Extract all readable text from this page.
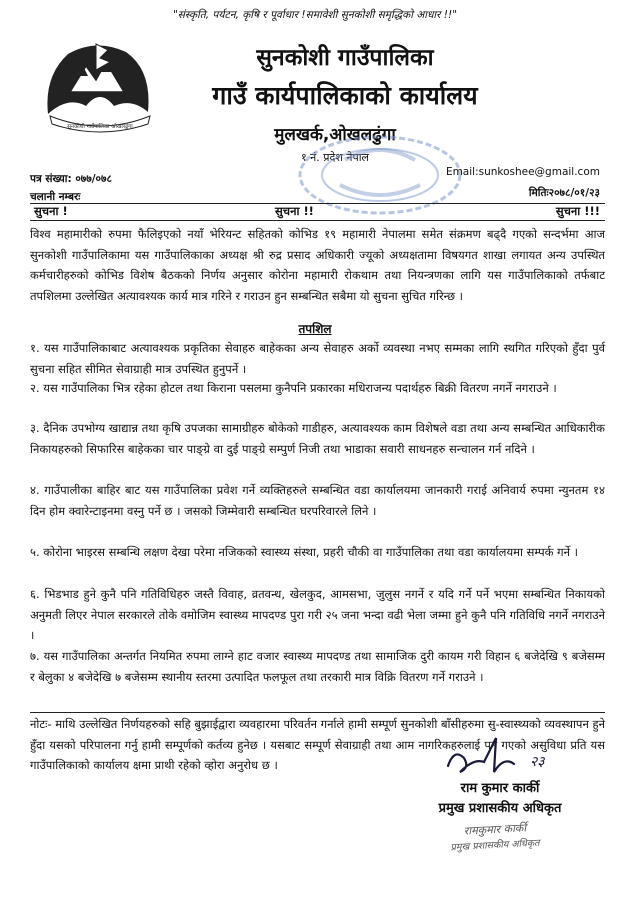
"संस्कृति, पर्यटन, कृषि र पूर्वाधार !समावेशी सुनकोशी समृद्धिको आधार !!"
सुनकोशी गाउँपालिका ओखलढुंगा
सुनकोशी गाउँपालिका
गाउँ कार्यपालिकाको कार्यालय
मुलखर्क,ओखलढुंगा
१ नं. प्रदेश नेपाल
पत्र संख्या: ०७७/०७८
चलानी नम्बरः
Email:sunkoshee@gmail.com
मितिः२०७८/०१/२३
सुचना !	सुचना !!	सुचना !!!
विश्व महामारीको रुपमा फैलिइएको नयाँ भेरियन्ट सहितको कोभिड १९ महामारी नेपालमा समेत संक्रमण बढ्दै गएको सन्दर्भमा आज सुनकोशी गाउँपालिकामा यस गाउँपालिकाका अध्यक्ष श्री रुद्र प्रसाद अधिकारी ज्यूको अध्यक्षतामा विषयगत शाखा लगायत अन्य उपस्थित कर्मचारीहरुको कोभिड विशेष बैठकको निर्णय अनुसार कोरोना महामारी रोकथाम तथा नियन्त्रणका लागि यस गाउँपालिकाको तर्फबाट तपशिलमा उल्लेखित अत्यावश्यक कार्य मात्र गरिने र गराउन हुन सम्बन्धित सबैमा यो सुचना सुचित गरिन्छ ।
तपशिल
१. यस गाउँपालिकाबाट अत्यावश्यक प्रकृतिका सेवाहरु बाहेकका अन्य सेवाहरु अर्को व्यवस्था नभए सम्मका लागि स्थगित गरिएको हुँदा पुर्व सुचना सहित सीमित सेवाग्राही मात्र उपस्थित हुनुपर्ने ।
२. यस गाउँपालिका भित्र रहेका होटल तथा किराना पसलमा कुनैपनि प्रकारका मधिराजन्य पदार्थहरु बिक्री वितरण नगर्ने नगराउने ।
३. दैनिक उपभोग्य खाद्यान्न तथा कृषि उपजका सामाग्रीहरु बोकेको गाडीहरु, अत्यावश्यक काम विशेषले वडा तथा अन्य सम्बन्धित आधिकारीक निकायहरुको सिफारिस बाहेकका चार पाङ्ग्रे वा दुई पाङ्ग्रे सम्पुर्ण निजी तथा भाडाका सवारी साधनहरु सन्चालन गर्न नदिने ।
४. गाउँपालीका बाहिर बाट यस गाउँपालिका प्रवेश गर्ने व्यक्तिहरुले सम्बन्धित वडा कार्यालयमा जानकारी गराई अनिवार्य रुपमा न्युनतम १४ दिन होम क्वारेन्टाइनमा वस्नु पर्ने छ । जसको जिम्मेवारी सम्बन्धित घरपरिवारले लिने ।
५. कोरोना भाइरस सम्बन्धि लक्षण देखा परेमा नजिकको स्वास्थ्य संस्था, प्रहरी चौकी वा गाउँपालिका तथा वडा कार्यालयमा सम्पर्क गर्ने ।
६. भिडभाड हुने कुनै पनि गतिविधिहरु जस्तै विवाह, व्रतवन्ध, खेलकुद, आमसभा, जुलुस नगर्ने र यदि गर्ने पर्ने भएमा सम्बन्धित निकायको अनुमती लिएर नेपाल सरकारले तोके वमोजिम स्वास्थ्य मापदण्ड पुरा गरी २५ जना भन्दा वढी भेला जम्मा हुने कुनै पनि गतिविधि नगर्ने नगराउने ।
७. यस गाउँपालिका अन्तर्गत नियमित रुपमा लाग्ने हाट वजार स्वास्थ्य मापदण्ड तथा सामाजिक दुरी कायम गरी विहान ६ बजेदेखि ९ बजेसम्म र बेलुका ४ बजेदेखि ७ बजेसम्म स्थानीय स्तरमा उत्पादित फलफूल तथा तरकारी मात्र विक्रि वितरण गर्ने गराउने ।
नोटः- माथि उल्लेखित निर्णयहरुको सहि बुझाईद्वारा व्यवहारमा परिवर्तन गर्नाले हामी सम्पूर्ण सुनकोशी बाँसीहरुमा सु-स्वास्थ्यको व्यवस्थापन हुने हुँदा यसको परिपालना गर्नु हामी सम्पूर्णको कर्तव्य हुनेछ । यसबाट सम्पूर्ण सेवाग्राही तथा आम नागरिकहरुलाई पर्न गएको असुविधा प्रति यस गाउँपालिकाको कार्यालय क्षमा प्राथी रहेको व्होरा अनुरोध छ ।	२३
राम कुमार कार्की
प्रमुख प्रशासकीय अधिकृत
रामकुमार कार्की
प्रमुख प्रशासकीय अधिकृत
